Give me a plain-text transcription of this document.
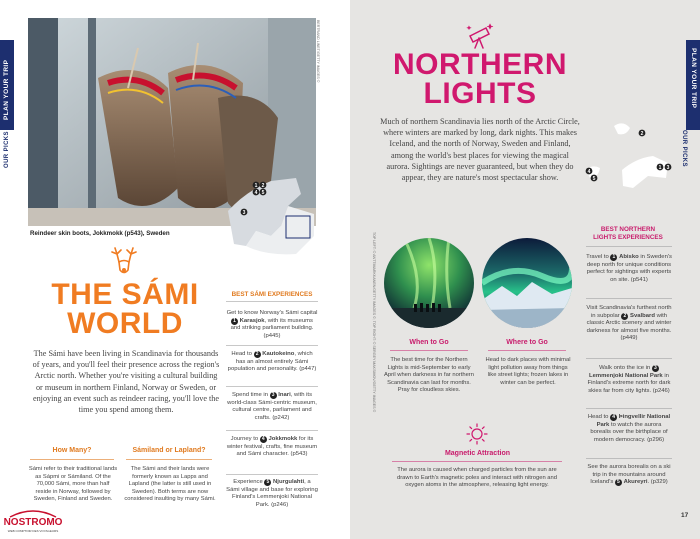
PLAN YOUR TRIP
OUR PICKS
BERTRAND LINET/GETTY IMAGES ©
1 2
4 5
3
Reindeer skin boots, Jokkmokk (p543), Sweden
THE SÁMI
WORLD

The Sámi have been living in Scandinavia for thousands of years, and you'll feel their presence across the region's Arctic north. Whether you're visiting a cultural building or museum in northern Finland, Norway or Sweden, or enjoying an event such as reindeer racing, you'll love the time you spend among them.

How Many?

Sámi refer to their traditional lands as Sápmi or Sámiland. Of the 70,000 Sámi, more than half reside in Norway, followed by Sweden, Finland and Sweden.

Sámiland or Lapland?

The Sámi and their lands were formerly known as Lapps and Lapland (the latter is still used in Sweden). Both terms are now considered insulting by many Sámi.

NOSTROMO
WEB COMPTOIR DES VOYAGEURS
BEST SÁMI EXPERIENCES

Get to know Norway's Sámi capital 1 Karasjok, with its museums and striking parliament building. (p445)

Head to 2 Kautokeino, which has an almost entirely Sámi population and personality. (p447)

Spend time in 3 Inari, with its world-class Sámi-centric museum, cultural centre, parliament and crafts. (p242)

Journey to 4 Jokkmokk for its winter festival, crafts, fine museum and Sámi character. (p543)

Experience 5 Njurgulahti, a Sámi village and base for exploring Finland's Lemmenjoki National Park. (p246)

PLAN YOUR TRIP
OUR PICKS
NORTHERN
LIGHTS

Much of northern Scandinavia lies north of the Arctic Circle, where winters are marked by long, dark nights. This makes Iceland, and the north of Norway, Sweden and Finland, among the world's best places for viewing the magical aurora. Sightings are never guaranteed, but when they do appear, they are nature's most spectacular show.

2
1 3
4
5
TOP LEFT: © ANTTIMARKKANEN/GETTY IMAGES ©; TOP RIGHT: © SERGEY MAKSIMOV/GETTY IMAGES ©	When to Go

The best time for the Northern Lights is mid-September to early April when darkness in far northern Scandinavia can last for months. Pray for cloudless skies.

Where to Go

Head to dark places with minimal light pollution away from things like street lights; frozen lakes in winter can be perfect.

Magnetic Attraction

The aurora is caused when charged particles from the sun are drawn to Earth's magnetic poles and interact with nitrogen and oxygen atoms in the atmosphere, releasing light energy.

BEST NORTHERN
LIGHTS EXPERIENCES

Travel to 1 Abisko in Sweden's deep north for unique conditions perfect for sightings with experts on site. (p541)

Visit Scandinavia's furthest north in subpolar 2 Svalbard with classic Arctic scenery and winter darkness for almost five months. (p449)

Walk onto the ice in 3 Lemmenjoki National Park in Finland's extreme north for dark skies far from city lights. (p246)

Head to 4 Þingvellir National Park to watch the aurora borealis over the birthplace of modern democracy. (p296)

See the aurora borealis on a ski trip in the mountains around Iceland's 5 Akureyri. (p329)

17
